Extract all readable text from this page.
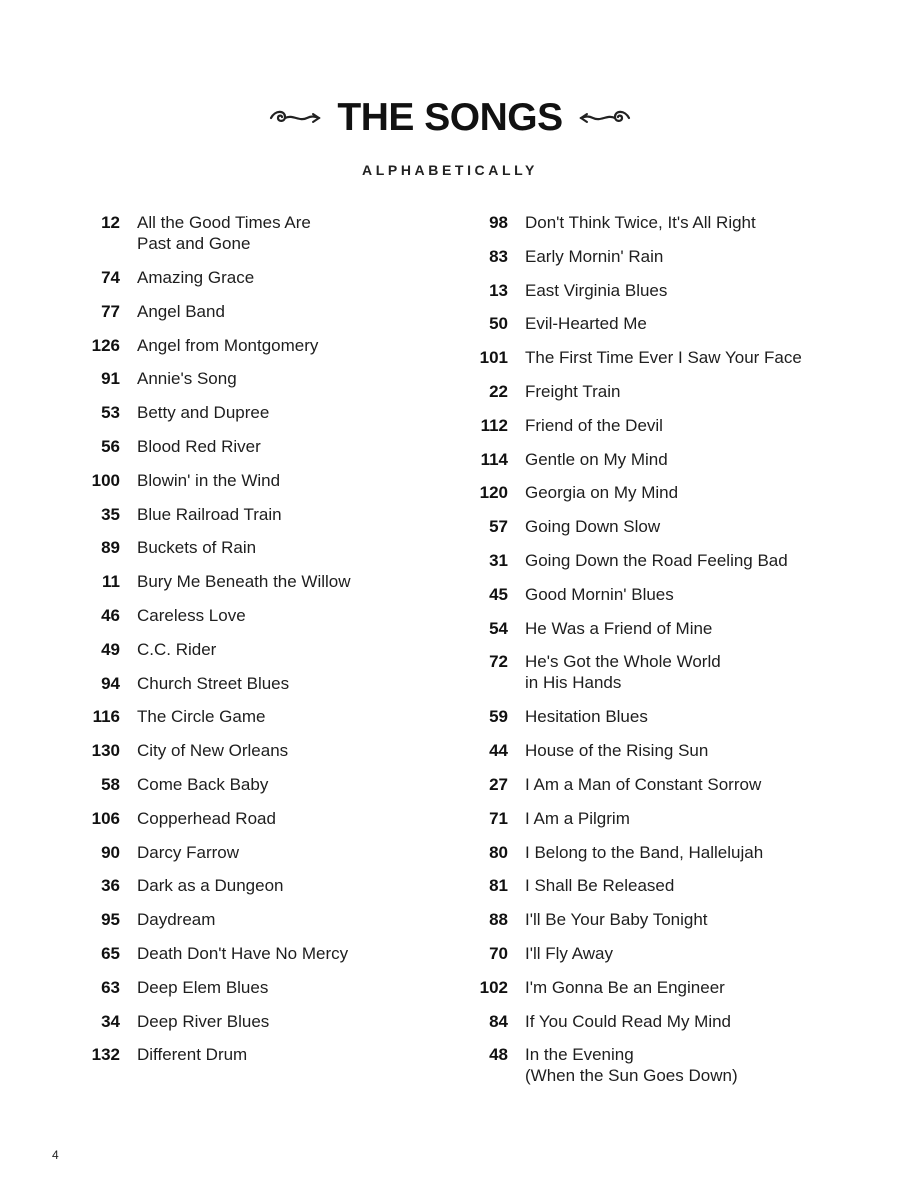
THE SONGS
ALPHABETICALLY
12 All the Good Times Are
Past and Gone
74 Amazing Grace
77 Angel Band
126 Angel from Montgomery
91 Annie's Song
53 Betty and Dupree
56 Blood Red River
100 Blowin' in the Wind
35 Blue Railroad Train
89 Buckets of Rain
11 Bury Me Beneath the Willow
46 Careless Love
49 C.C. Rider
94 Church Street Blues
116 The Circle Game
130 City of New Orleans
58 Come Back Baby
106 Copperhead Road
90 Darcy Farrow
36 Dark as a Dungeon
95 Daydream
65 Death Don't Have No Mercy
63 Deep Elem Blues
34 Deep River Blues
132 Different Drum
98 Don't Think Twice, It's All Right
83 Early Mornin' Rain
13 East Virginia Blues
50 Evil-Hearted Me
101 The First Time Ever I Saw Your Face
22 Freight Train
112 Friend of the Devil
114 Gentle on My Mind
120 Georgia on My Mind
57 Going Down Slow
31 Going Down the Road Feeling Bad
45 Good Mornin' Blues
54 He Was a Friend of Mine
72 He's Got the Whole World
in His Hands
59 Hesitation Blues
44 House of the Rising Sun
27 I Am a Man of Constant Sorrow
71 I Am a Pilgrim
80 I Belong to the Band, Hallelujah
81 I Shall Be Released
88 I'll Be Your Baby Tonight
70 I'll Fly Away
102 I'm Gonna Be an Engineer
84 If You Could Read My Mind
48 In the Evening
(When the Sun Goes Down)
4
